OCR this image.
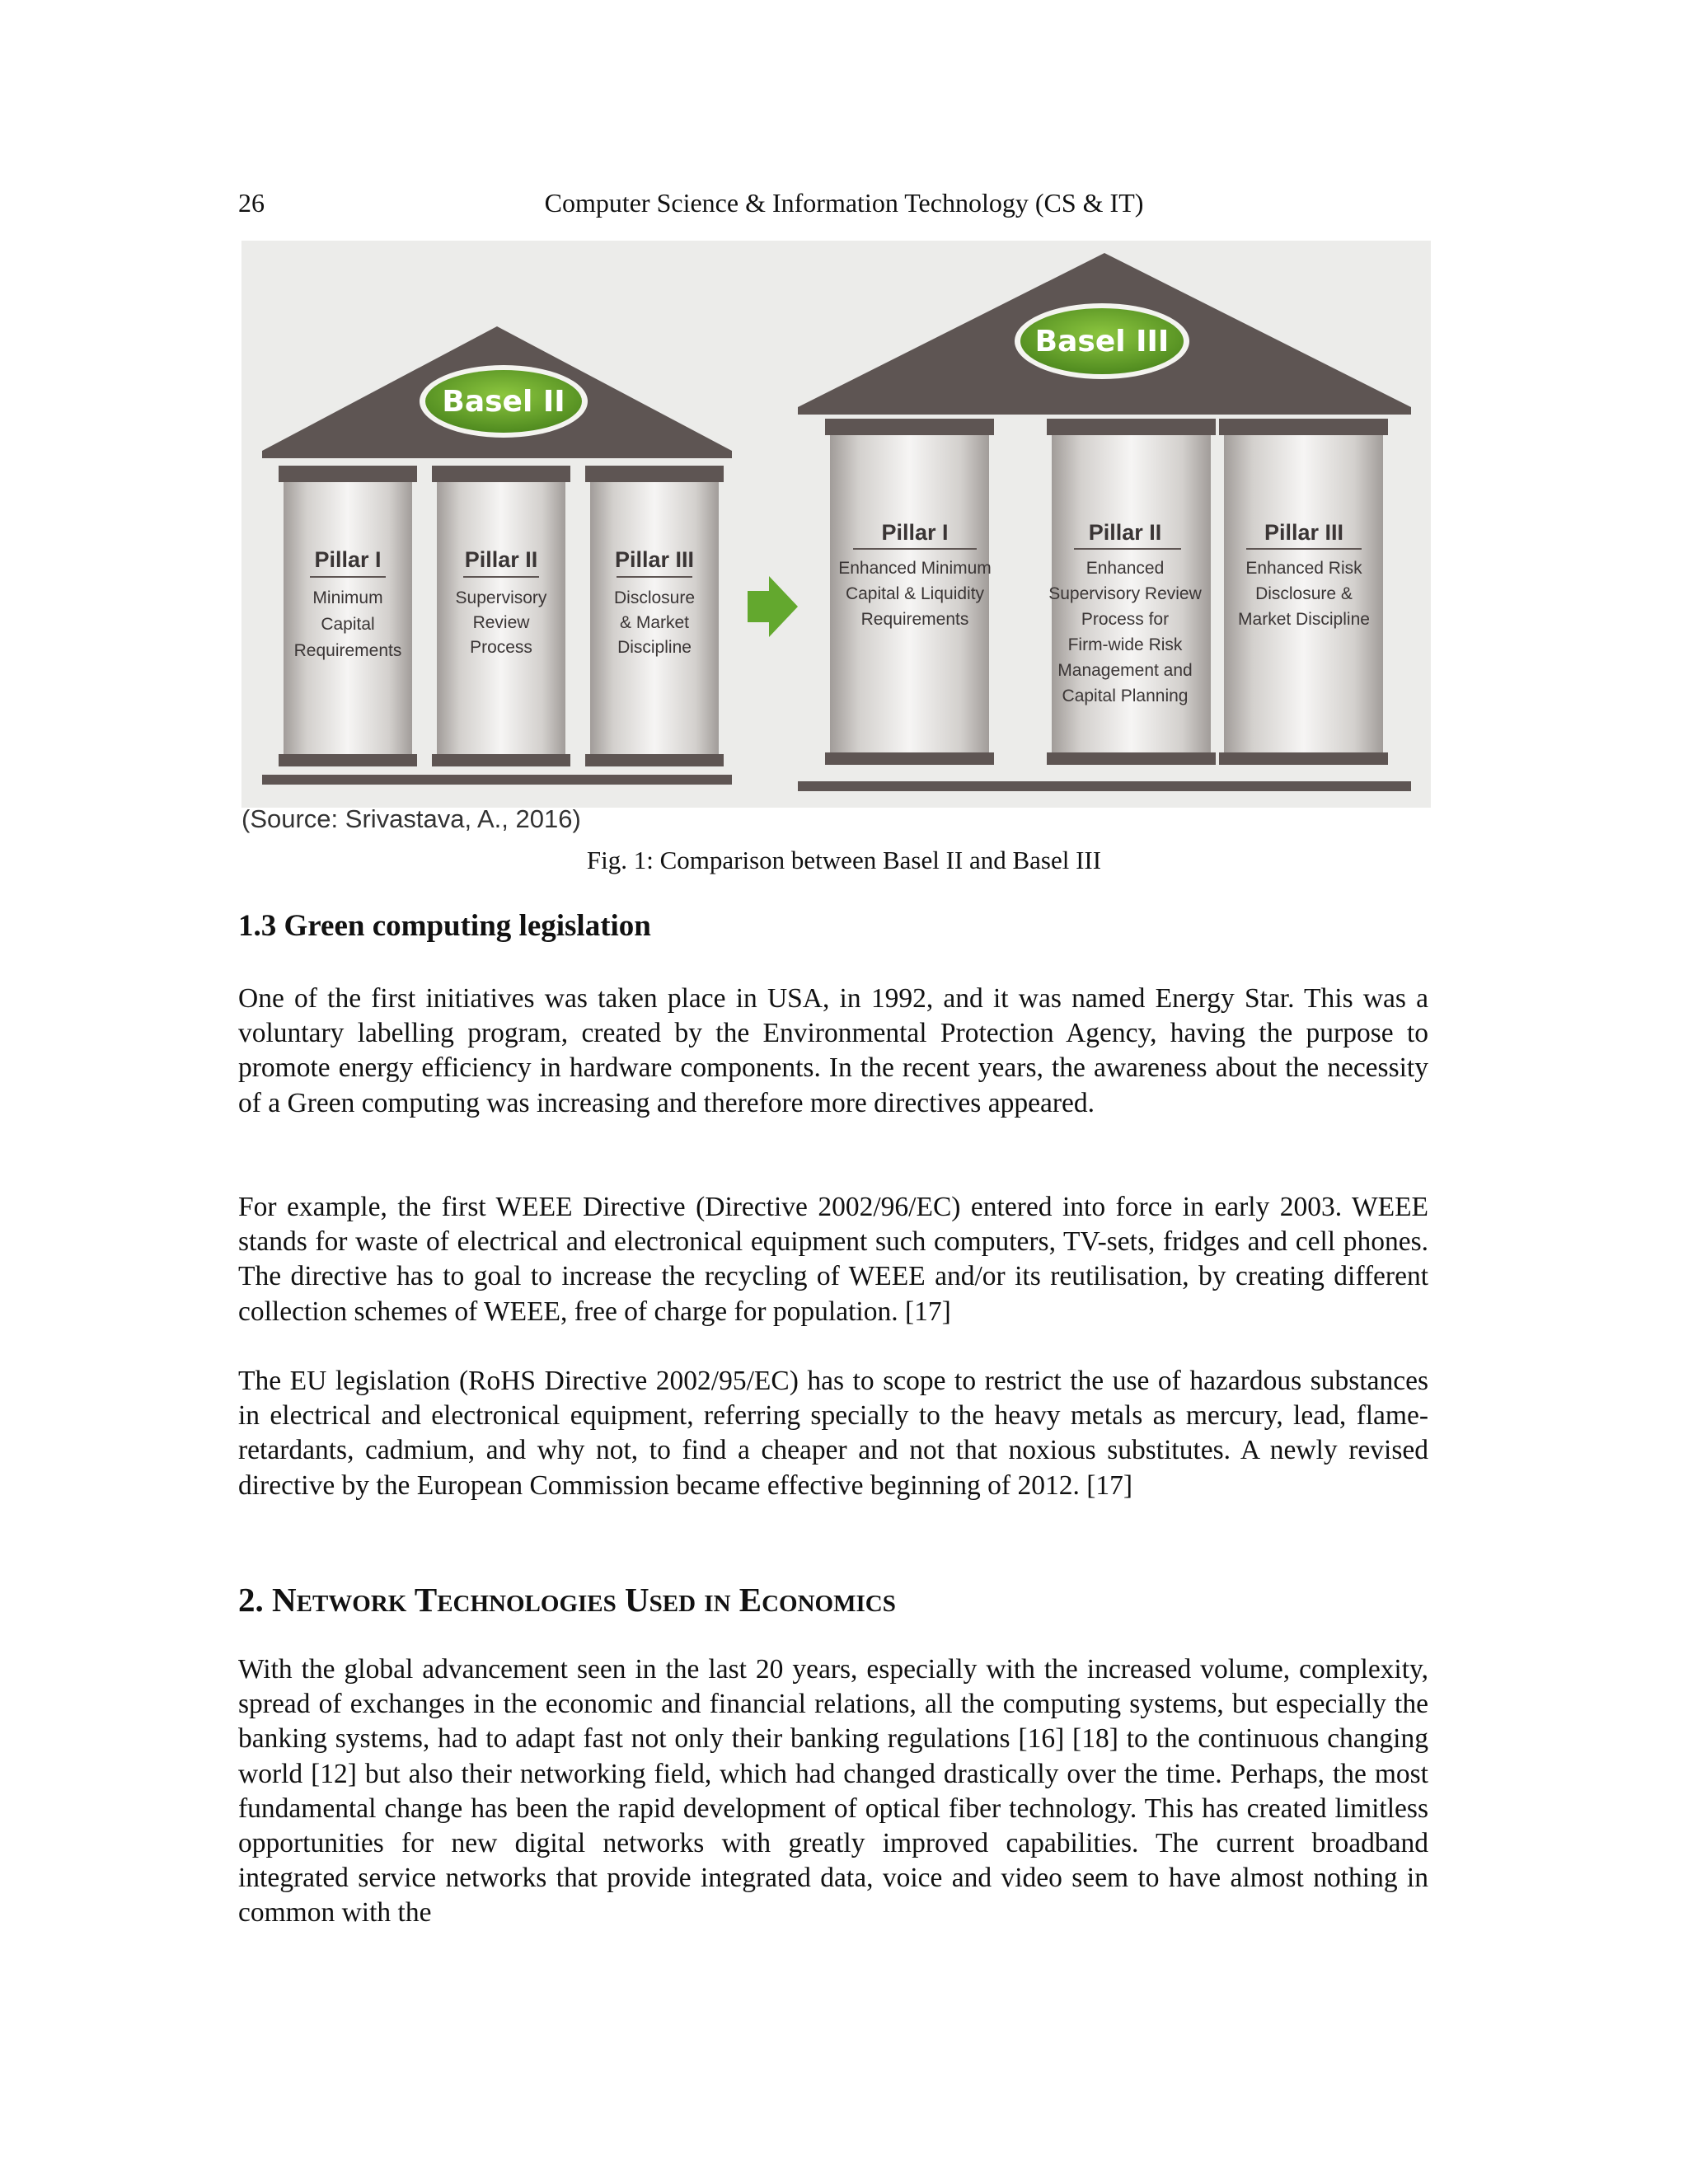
26	Computer Science & Information Technology (CS & IT)
Basel II
Pillar I
Minimum
Capital
Requirements
Pillar II
Supervisory
Review
Process
Pillar III
Disclosure
& Market
Discipline
Basel III
Pillar I
Enhanced Minimum
Capital & Liquidity
Requirements
Pillar II
Enhanced
Supervisory Review
Process for
Firm-wide Risk
Management and
Capital Planning
Pillar III
Enhanced Risk
Disclosure &
Market Discipline
(Source: Srivastava, A., 2016)
Fig. 1: Comparison between Basel II and Basel III
1.3 Green computing legislation

One of the first initiatives was taken place in USA, in 1992, and it was named Energy Star. This was a voluntary labelling program, created by the Environmental Protection Agency, having the purpose to promote energy efficiency in hardware components. In the recent years, the awareness about the necessity of a Green computing was increasing and therefore more directives appeared.

For example, the first WEEE Directive (Directive 2002/96/EC) entered into force in early 2003. WEEE stands for waste of electrical and electronical equipment such computers, TV-sets, fridges and cell phones. The directive has to goal to increase the recycling of WEEE and/or its reutilisation, by creating different collection schemes of WEEE, free of charge for population. [17]

The EU legislation (RoHS Directive 2002/95/EC) has to scope to restrict the use of hazardous substances in electrical and electronical equipment, referring specially to the heavy metals as mercury, lead, flame-retardants, cadmium, and why not, to find a cheaper and not that noxious substitutes. A newly revised directive by the European Commission became effective beginning of 2012. [17]

2. Network Technologies Used in Economics

With the global advancement seen in the last 20 years, especially with the increased volume, complexity, spread of exchanges in the economic and financial relations, all the computing systems, but especially the banking systems, had to adapt fast not only their banking regulations [16] [18] to the continuous changing world [12] but also their networking field, which had changed drastically over the time. Perhaps, the most fundamental change has been the rapid development of optical fiber technology. This has created limitless opportunities for new digital networks with greatly improved capabilities. The current broadband integrated service networks that provide integrated data, voice and video seem to have almost nothing in common with the
